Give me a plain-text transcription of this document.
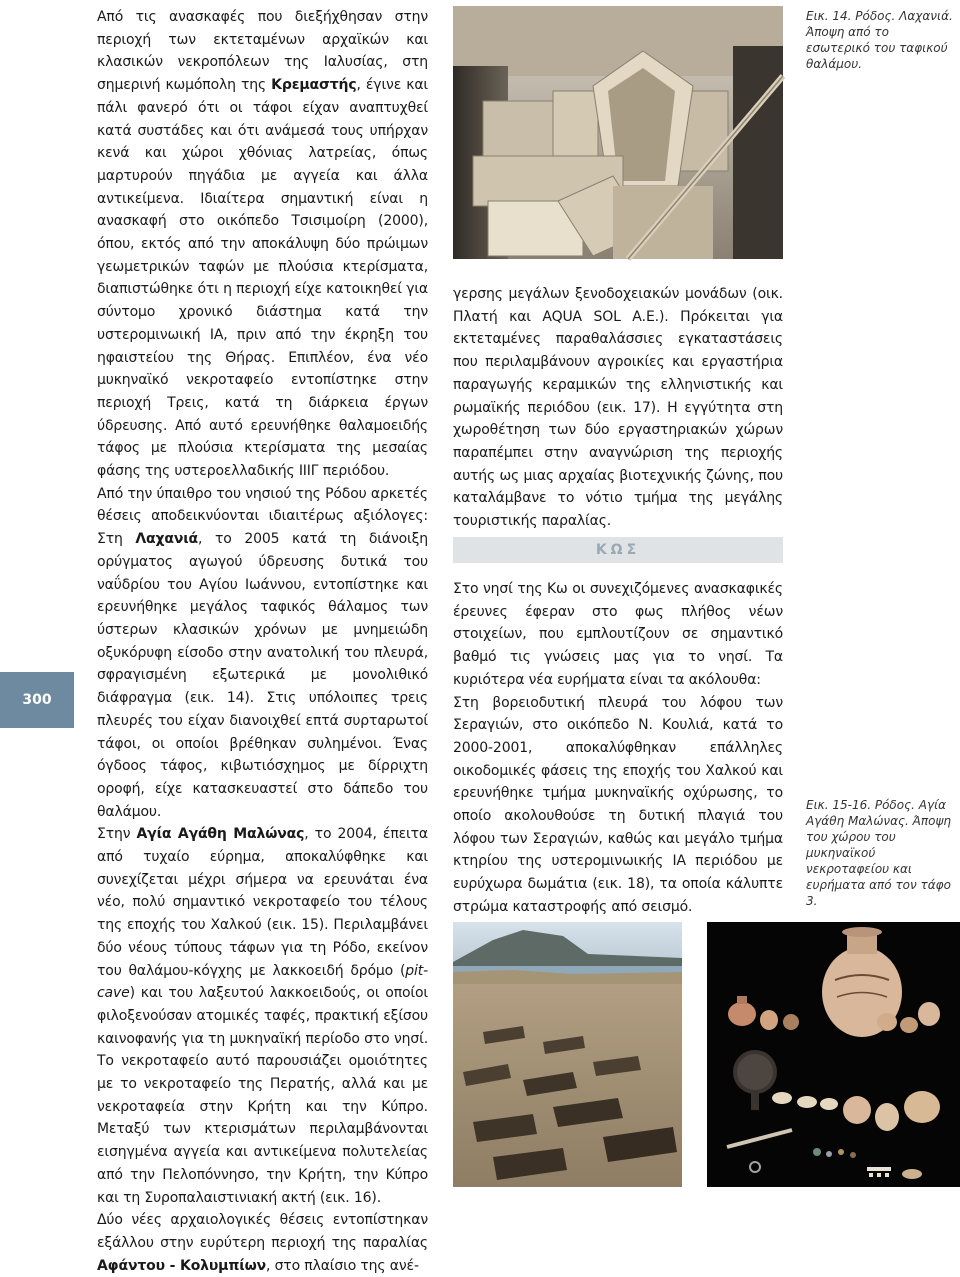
Από τις ανασκαφές που διεξήχθησαν στην περιοχή των εκτεταμένων αρχαϊκών και κλασικών νεκροπόλεων της Ιαλυσίας, στη σημερινή κωμόπολη της Κρεμαστής, έγινε και πάλι φανερό ότι οι τάφοι είχαν αναπτυχθεί κατά συστάδες και ότι ανάμεσά τους υπήρχαν κενά και χώροι χθόνιας λατρείας, όπως μαρτυρούν πηγάδια με αγγεία και άλλα αντικείμενα. Ιδιαίτερα σημαντική είναι η ανασκαφή στο οικόπεδο Τσισιμοίρη (2000), όπου, εκτός από την αποκάλυψη δύο πρώιμων γεωμετρικών ταφών με πλούσια κτερίσματα, διαπιστώθηκε ότι η περιοχή είχε κατοικηθεί για σύντομο χρονικό διάστημα κατά την υστερομινωική ΙΑ, πριν από την έκρηξη του ηφαιστείου της Θήρας. Επιπλέον, ένα νέο μυκηναϊκό νεκροταφείο εντοπίστηκε στην περιοχή Τρεις, κατά τη διάρκεια έργων ύδρευσης. Από αυτό ερευνήθηκε θαλαμοειδής τάφος με πλούσια κτερίσματα της μεσαίας φάσης της υστεροελλαδικής ΙΙΙΓ περιόδου.

Από την ύπαιθρο του νησιού της Ρόδου αρκετές θέσεις αποδεικνύονται ιδιαιτέρως αξιόλογες: Στη Λαχανιά, το 2005 κατά τη διάνοιξη ορύγματος αγωγού ύδρευσης δυτικά του ναΰδρίου του Αγίου Ιωάννου, εντοπίστηκε και ερευνήθηκε μεγάλος ταφικός θάλαμος των ύστερων κλασικών χρόνων με μνημειώδη οξυκόρυφη είσοδο στην ανατολική του πλευρά, σφραγισμένη εξωτερικά με μονολιθικό διάφραγμα (εικ. 14). Στις υπόλοιπες τρεις πλευρές του είχαν διανοιχθεί επτά συρταρωτοί τάφοι, οι οποίοι βρέθηκαν συλημένοι. Ένας όγδοος τάφος, κιβωτιόσχημος με δίρριχτη οροφή, είχε κατασκευαστεί στο δάπεδο του θαλάμου.

Στην Αγία Αγάθη Μαλώνας, το 2004, έπειτα από τυχαίο εύρημα, αποκαλύφθηκε και συνεχίζεται μέχρι σήμερα να ερευνάται ένα νέο, πολύ σημαντικό νεκροταφείο του τέλους της εποχής του Χαλκού (εικ. 15). Περιλαμβάνει δύο νέους τύπους τάφων για τη Ρόδο, εκείνον του θαλάμου-κόγχης με λακκοειδή δρόμο (pit-cave) και του λαξευτού λακκοειδούς, οι οποίοι φιλοξενούσαν ατομικές ταφές, πρακτική εξίσου καινοφανής για τη μυκηναϊκή περίοδο στο νησί. Το νεκροταφείο αυτό παρουσιάζει ομοιότητες με το νεκροταφείο της Περατής, αλλά και με νεκροταφεία στην Κρήτη και την Κύπρο. Μεταξύ των κτερισμάτων περιλαμβάνονται εισηγμένα αγγεία και αντικείμενα πολυτελείας από την Πελοπόννησο, την Κρήτη, την Κύπρο και τη Συροπαλαιστινιακή ακτή (εικ. 16).

Δύο νέες αρχαιολογικές θέσεις εντοπίστηκαν εξάλλου στην ευρύτερη περιοχή της παραλίας Αφάντου - Κολυμπίων, στο πλαίσιο της ανέ-

300
Εικ. 14. Ρόδος. Λαχανιά. Άποψη από το εσωτερικό του ταφικού θαλάμου.

γερσης μεγάλων ξενοδοχειακών μονάδων (οικ. Πλατή και AQUA SOL Α.Ε.). Πρόκειται για εκτεταμένες παραθαλάσσιες εγκαταστάσεις που περιλαμβάνουν αγροικίες και εργαστήρια παραγωγής κεραμικών της ελληνιστικής και ρωμαϊκής περιόδου (εικ. 17). Η εγγύτητα στη χωροθέτηση των δύο εργαστηριακών χώρων παραπέμπει στην αναγνώριση της περιοχής αυτής ως μιας αρχαίας βιοτεχνικής ζώνης, που καταλάμβανε το νότιο τμήμα της μεγάλης τουριστικής παραλίας.

ΚΩΣ

Στο νησί της Κω οι συνεχιζόμενες ανασκαφικές έρευνες έφεραν στο φως πλήθος νέων στοιχείων, που εμπλουτίζουν σε σημαντικό βαθμό τις γνώσεις μας για το νησί. Τα κυριότερα νέα ευρήματα είναι τα ακόλουθα:

Στη βορειοδυτική πλευρά του λόφου των Σεραγιών, στο οικόπεδο Ν. Κουλιά, κατά το 2000-2001, αποκαλύφθηκαν επάλληλες οικοδομικές φάσεις της εποχής του Χαλκού και ερευνήθηκε τμήμα μυκηναϊκής οχύρωσης, το οποίο ακολουθούσε τη δυτική πλαγιά του λόφου των Σεραγιών, καθώς και μεγάλο τμήμα κτηρίου της υστερομινωικής ΙΑ περιόδου με ευρύχωρα δωμάτια (εικ. 18), τα οποία κάλυπτε στρώμα καταστροφής από σεισμό.

Εικ. 15-16. Ρόδος. Αγία Αγάθη Μαλώνας. Άποψη του χώρου του μυκηναϊκού νεκροταφείου και ευρήματα από τον τάφο 3.
